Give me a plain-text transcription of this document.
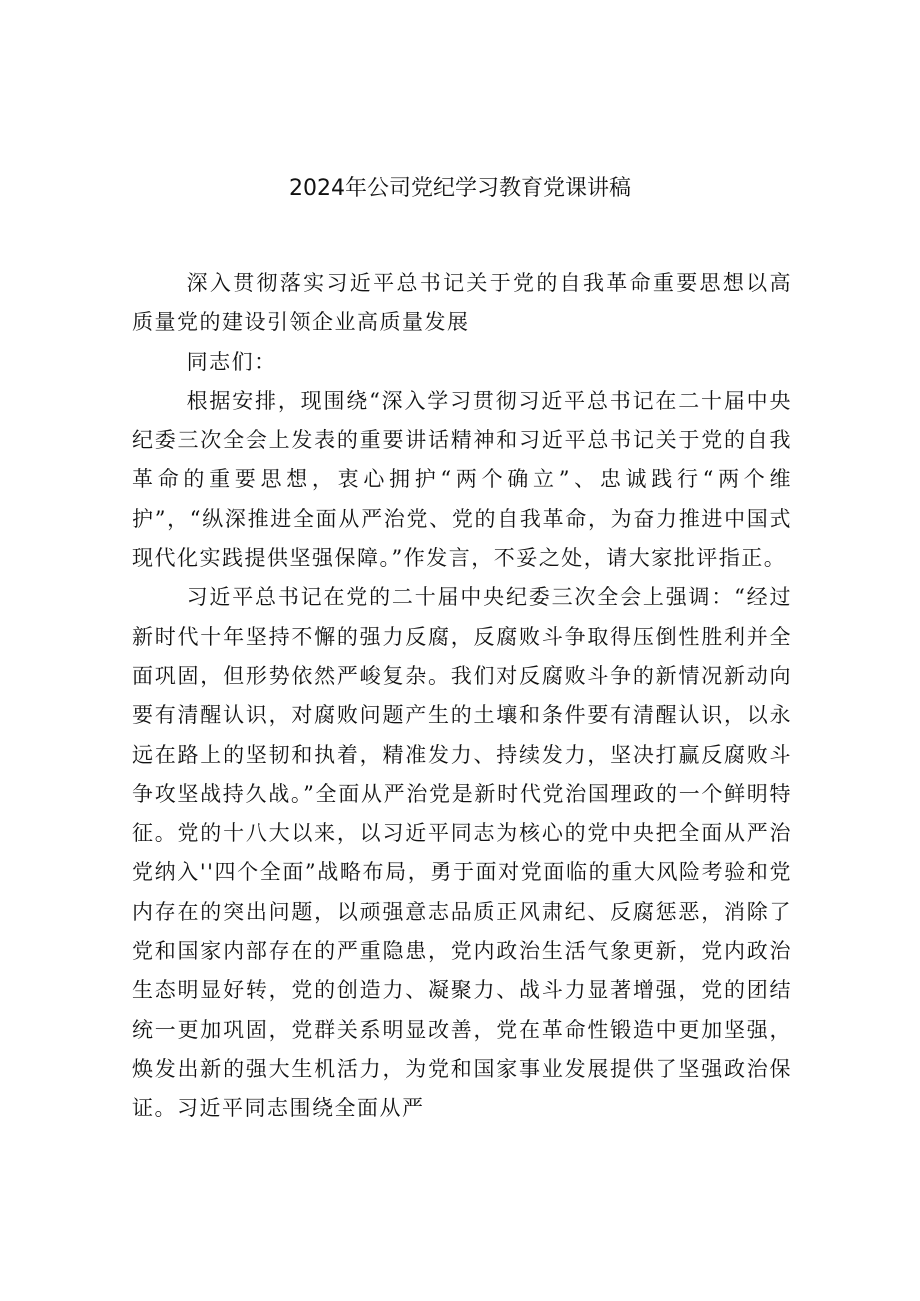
2024年公司党纪学习教育党课讲稿

深入贯彻落实习近平总书记关于党的自我革命重要思想以高质量党的建设引领企业高质量发展

同志们：

根据安排，现围绕“深入学习贯彻习近平总书记在二十届中央纪委三次全会上发表的重要讲话精神和习近平总书记关于党的自我革命的重要思想，衷心拥护“两个确立”、忠诚践行“两个维护”，“纵深推进全面从严治党、党的自我革命，为奋力推进中国式现代化实践提供坚强保障。”作发言，不妥之处，请大家批评指正。

习近平总书记在党的二十届中央纪委三次全会上强调：“经过新时代十年坚持不懈的强力反腐，反腐败斗争取得压倒性胜利并全面巩固，但形势依然严峻复杂。我们对反腐败斗争的新情况新动向要有清醒认识，对腐败问题产生的土壤和条件要有清醒认识，以永远在路上的坚韧和执着，精准发力、持续发力，坚决打赢反腐败斗争攻坚战持久战。”全面从严治党是新时代党治国理政的一个鲜明特征。党的十八大以来，以习近平同志为核心的党中央把全面从严治党纳入''四个全面”战略布局，勇于面对党面临的重大风险考验和党内存在的突出问题，以顽强意志品质正风肃纪、反腐惩恶，消除了党和国家内部存在的严重隐患，党内政治生活气象更新，党内政治生态明显好转，党的创造力、凝聚力、战斗力显著增强，党的团结统一更加巩固，党群关系明显改善，党在革命性锻造中更加坚强，焕发出新的强大生机活力，为党和国家事业发展提供了坚强政治保证。习近平同志围绕全面从严
